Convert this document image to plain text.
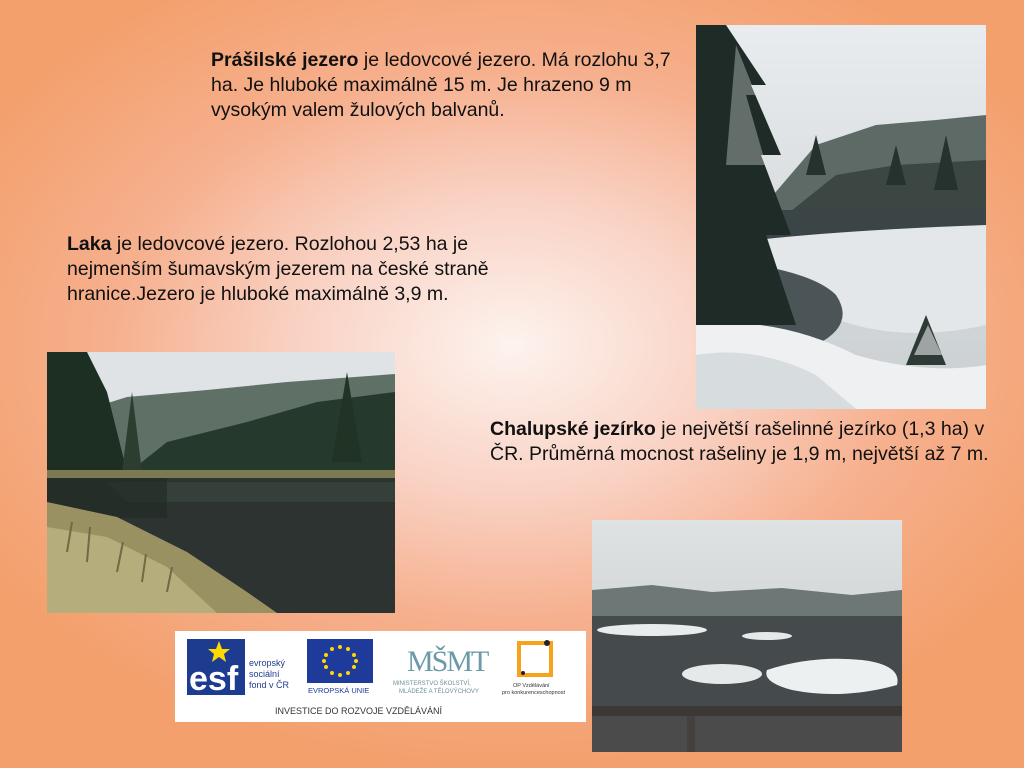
Prášilské jezero je ledovcové jezero. Má rozlohu 3,7 ha. Je hluboké maximálně 15 m. Je hrazeno 9 m vysokým valem žulových balvanů.

Laka je ledovcové jezero. Rozlohou 2,53 ha je nejmenším šumavským jezerem na české straně hranice.Jezero je hluboké maximálně 3,9 m.

Chalupské jezírko je největší rašelinné jezírko (1,3 ha) v ČR. Průměrná mocnost rašeliny je 1,9 m, největší až 7 m.

esf evropský
sociální
fond v ČR
EVROPSKÁ UNIE
MŠMT
MINISTERSTVO ŠKOLSTVÍ,
MLÁDEŽE A TĚLOVÝCHOVY
OP Vzdělávání
pro konkurenceschopnost
INVESTICE DO ROZVOJE VZDĚLÁVÁNÍ
